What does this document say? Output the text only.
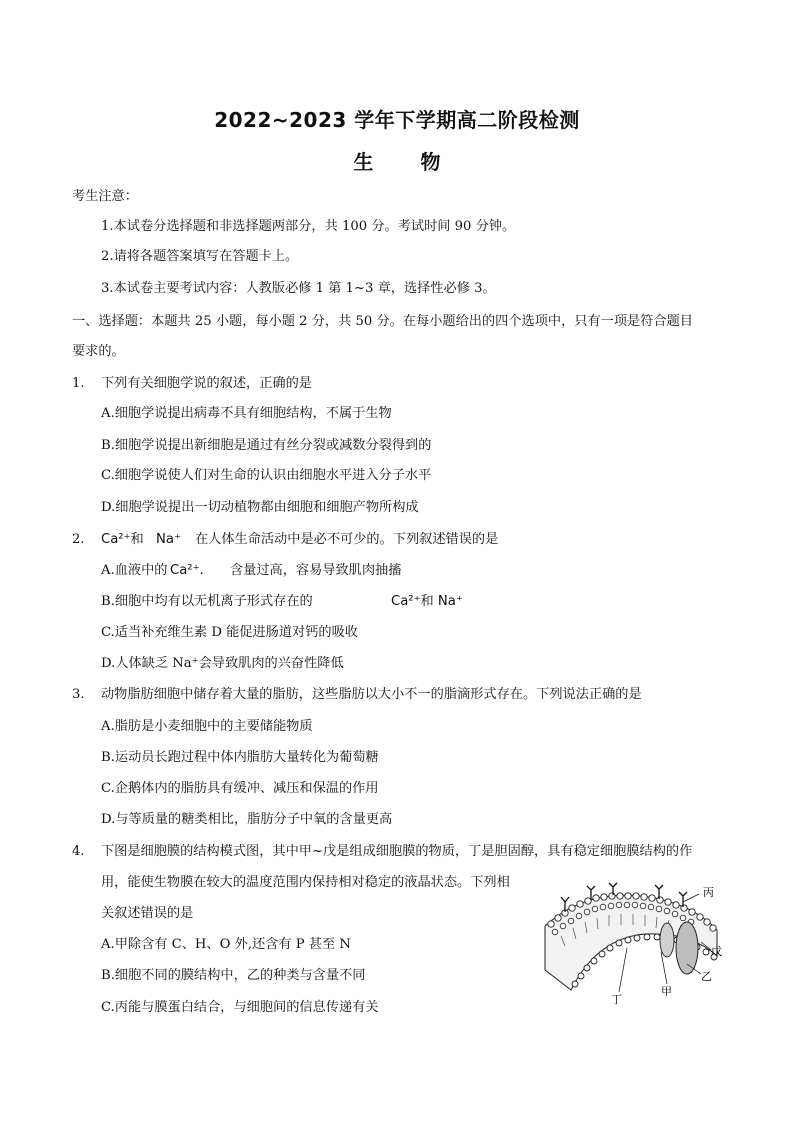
2022~2023 学年下学期高二阶段检测
生 物
考生注意：
1.本试卷分选择题和非选择题两部分，共 100 分。考试时间 90 分钟。
2.请将各题答案填写在答题卡上。
3.本试卷主要考试内容：人教版必修 1 第 1~3 章，选择性必修 3。
一、选择题：本题共 25 小题，每小题 2 分，共 50 分。在每小题给出的四个选项中，只有一项是符合题目
要求的。
1. 下列有关细胞学说的叙述，正确的是
A.细胞学说提出病毒不具有细胞结构，不属于生物
B.细胞学说提出新细胞是通过有丝分裂或减数分裂得到的
C.细胞学说使人们对生命的认识由细胞水平进入分子水平
D.细胞学说提出一切动植物都由细胞和细胞产物所构成
2. Ca²⁺和 Na⁺ 在人体生命活动中是必不可少的。下列叙述错误的是
A.血液中的 Ca²⁺. 含量过高，容易导致肌肉抽搐
B.细胞中均有以无机离子形式存在的	Ca²⁺和 Na⁺
C.适当补充维生素 D 能促进肠道对钙的吸收
D.人体缺乏 Na⁺会导致肌肉的兴奋性降低
3. 动物脂肪细胞中储存着大量的脂肪，这些脂肪以大小不一的脂滴形式存在。下列说法正确的是
A.脂肪是小麦细胞中的主要储能物质
B.运动员长跑过程中体内脂肪大量转化为葡萄糖
C.企鹅体内的脂肪具有缓冲、减压和保温的作用
D.与等质量的糖类相比，脂肪分子中氧的含量更高
4. 下图是细胞膜的结构模式图，其中甲~戊是组成细胞膜的物质，丁是胆固醇，具有稳定细胞膜结构的作
用，能使生物膜在较大的温度范围内保持相对稳定的液晶状态。下列相
关叙述错误的是
A.甲除含有 C、H、O 外,还含有 P 甚至 N
B.细胞不同的膜结构中，乙的种类与含量不同
C.丙能与膜蛋白结合，与细胞间的信息传递有关
丙
戊
乙
甲
丁
